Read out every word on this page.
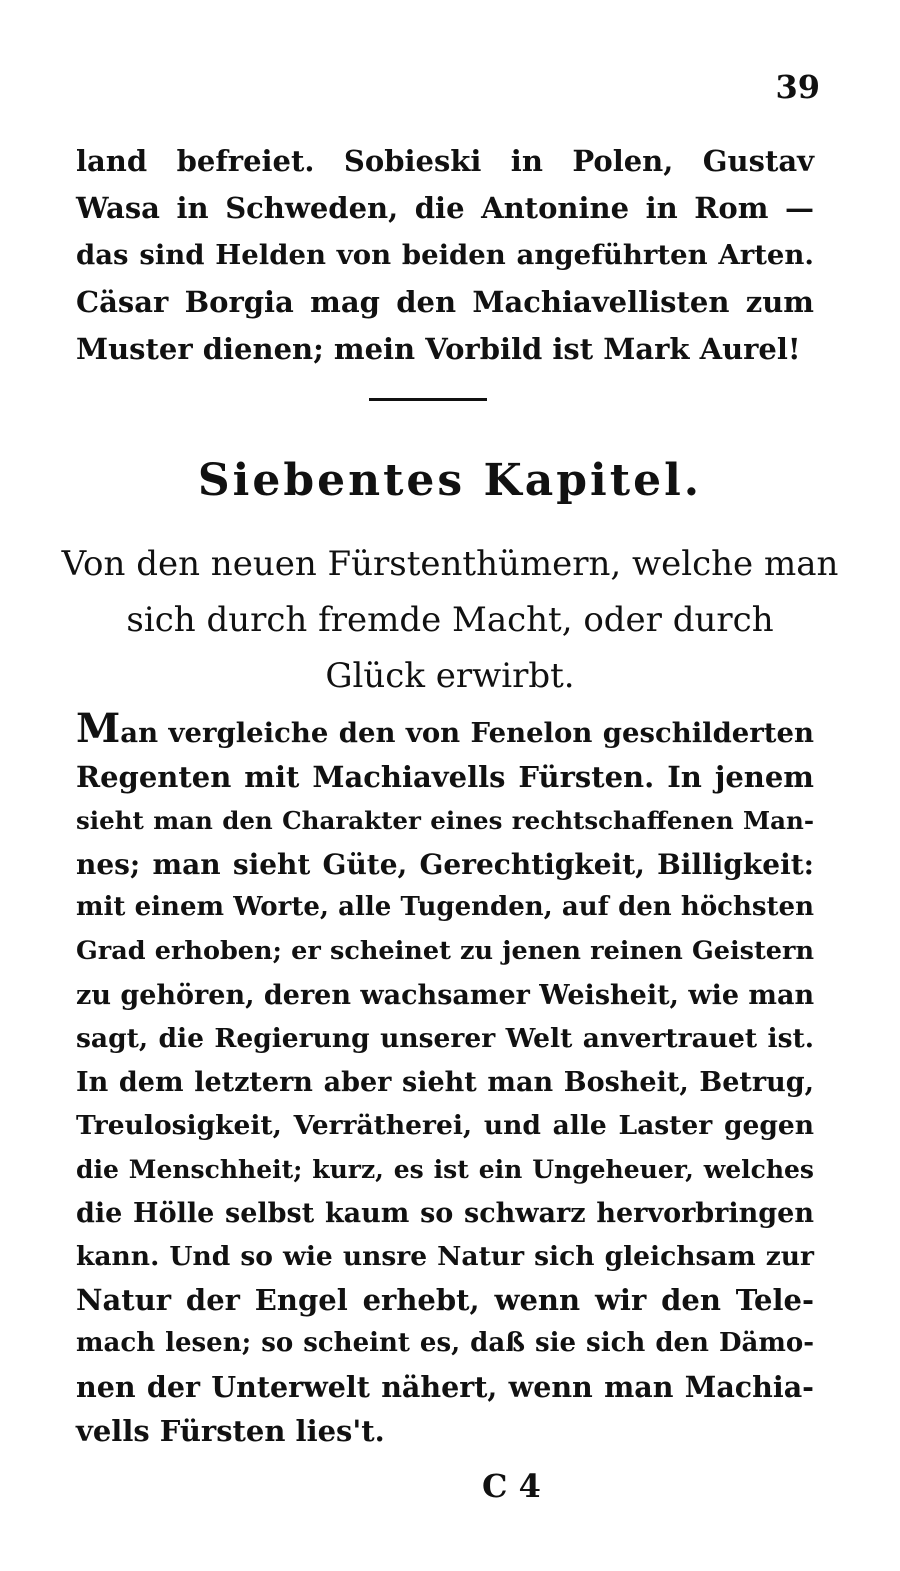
39
land befreiet. Sobieski in Polen, Gustav
Wasa in Schweden, die Antonine in Rom —
das sind Helden von beiden angeführten Arten.
Cäsar Borgia mag den Machiavellisten zum
Muster dienen; mein Vorbild ist Mark Aurel!
Siebentes Kapitel.
Von den neuen Fürstenthümern, welche man
sich durch fremde Macht, oder durch
Glück erwirbt.
Man vergleiche den von Fenelon geschilderten
Regenten mit Machiavells Fürsten. In jenem
sieht man den Charakter eines rechtschaffenen Man-
nes; man sieht Güte, Gerechtigkeit, Billigkeit:
mit einem Worte, alle Tugenden, auf den höchsten
Grad erhoben; er scheinet zu jenen reinen Geistern
zu gehören, deren wachsamer Weisheit, wie man
sagt, die Regierung unserer Welt anvertrauet ist.
In dem letztern aber sieht man Bosheit, Betrug,
Treulosigkeit, Verrätherei, und alle Laster gegen
die Menschheit; kurz, es ist ein Ungeheuer, welches
die Hölle selbst kaum so schwarz hervorbringen
kann. Und so wie unsre Natur sich gleichsam zur
Natur der Engel erhebt, wenn wir den Tele-
mach lesen; so scheint es, daß sie sich den Dämo-
nen der Unterwelt nähert, wenn man Machia-
vells Fürsten lies't.
C 4
